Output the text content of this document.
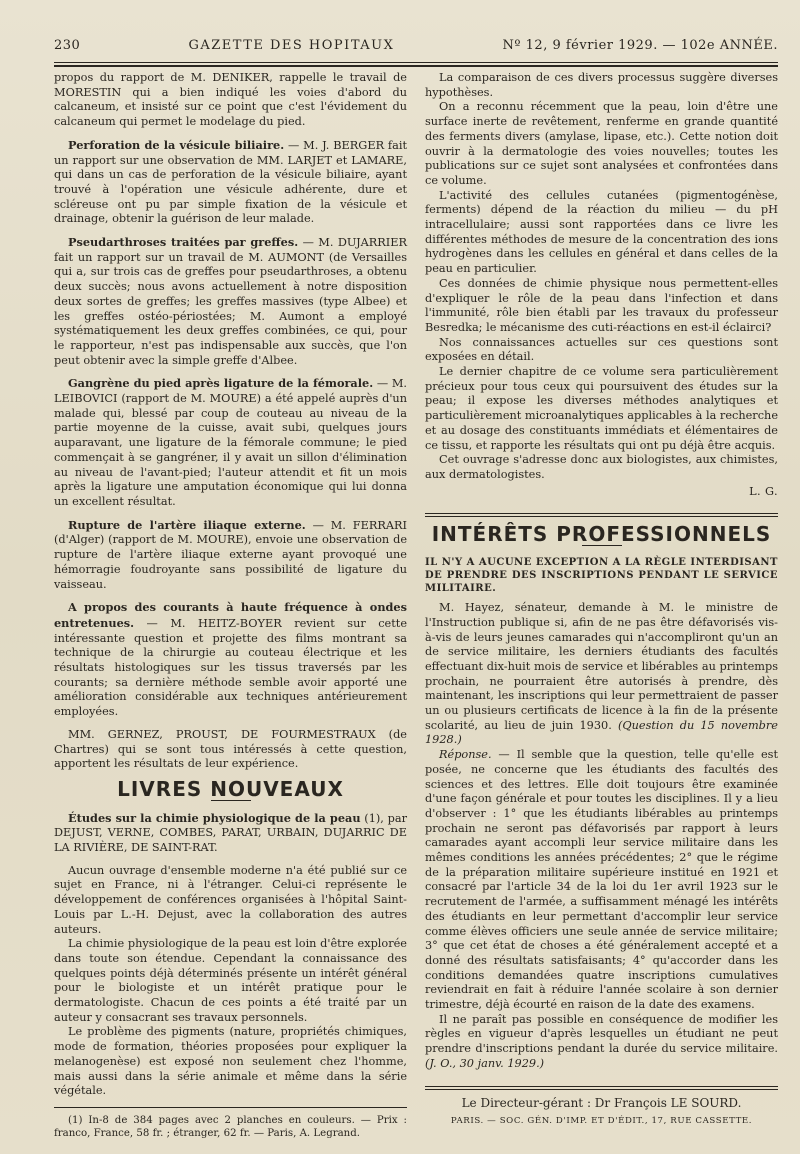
230	GAZETTE DES HOPITAUX	Nº 12, 9 février 1929. — 102e ANNÉE.

propos du rapport de M. DENIKER, rappelle le travail de MORESTIN qui a bien indiqué les voies d'abord du calcaneum, et insisté sur ce point que c'est l'évidement du calcaneum qui permet le modelage du pied.

Perforation de la vésicule biliaire. — M. J. BERGER fait un rapport sur une observation de MM. LARJET et LAMARE, qui dans un cas de perforation de la vésicule biliaire, ayant trouvé à l'opération une vésicule adhérente, dure et scléreuse ont pu par simple fixation de la vésicule et drainage, obtenir la guérison de leur malade.

Pseudarthroses traitées par greffes. — M. DUJARRIER fait un rapport sur un travail de M. AUMONT (de Versailles qui a, sur trois cas de greffes pour pseudarthroses, a obtenu deux succès; nous avons actuellement à notre disposition deux sortes de greffes; les greffes massives (type Albee) et les greffes ostéo-périostées; M. Aumont a employé systématiquement les deux greffes combinées, ce qui, pour le rapporteur, n'est pas indispensable aux succès, que l'on peut obtenir avec la simple greffe d'Albee.

Gangrène du pied après ligature de la fémorale. — M. LEIBOVICI (rapport de M. MOURE) a été appelé auprès d'un malade qui, blessé par coup de couteau au niveau de la partie moyenne de la cuisse, avait subi, quelques jours auparavant, une ligature de la fémorale commune; le pied commençait à se gangréner, il y avait un sillon d'élimination au niveau de l'avant-pied; l'auteur attendit et fit un mois après la ligature une amputation économique qui lui donna un excellent résultat.

Rupture de l'artère iliaque externe. — M. FERRARI (d'Alger) (rapport de M. MOURE), envoie une observation de rupture de l'artère iliaque externe ayant provoqué une hémorragie foudroyante sans possibilité de ligature du vaisseau.

A propos des courants à haute fréquence à ondes entretenues. — M. HEITZ-BOYER revient sur cette intéressante question et projette des films montrant sa technique de la chirurgie au couteau électrique et les résultats histologiques sur les tissus traversés par les courants; sa dernière méthode semble avoir apporté une amélioration considérable aux techniques antérieurement employées.

MM. GERNEZ, PROUST, DE FOURMESTRAUX (de Chartres) qui se sont tous intéressés à cette question, apportent les résultats de leur expérience.

LIVRES NOUVEAUX

Études sur la chimie physiologique de la peau (1), par DEJUST, VERNE, COMBES, PARAT, URBAIN, DUJARRIC DE LA RIVIÈRE, DE SAINT-RAT.

Aucun ouvrage d'ensemble moderne n'a été publié sur ce sujet en France, ni à l'étranger. Celui-ci représente le développement de conférences organisées à l'hôpital Saint-Louis par L.-H. Dejust, avec la collaboration des autres auteurs.

La chimie physiologique de la peau est loin d'être explorée dans toute son étendue. Cependant la connaissance des quelques points déjà déterminés présente un intérêt général pour le biologiste et un intérêt pratique pour le dermatologiste. Chacun de ces points a été traité par un auteur y consacrant ses travaux personnels.

Le problème des pigments (nature, propriétés chimiques, mode de formation, théories proposées pour expliquer la melanogenèse) est exposé non seulement chez l'homme, mais aussi dans la série animale et même dans la série végétale.

(1) In-8 de 384 pages avec 2 planches en couleurs. — Prix : franco, France, 58 fr. ; étranger, 62 fr. — Paris, A. Legrand.

La comparaison de ces divers processus suggère diverses hypothèses.

On a reconnu récemment que la peau, loin d'être une surface inerte de revêtement, renferme en grande quantité des ferments divers (amylase, lipase, etc.). Cette notion doit ouvrir à la dermatologie des voies nouvelles; toutes les publications sur ce sujet sont analysées et confrontées dans ce volume.

L'activité des cellules cutanées (pigmentogénèse, ferments) dépend de la réaction du milieu — du pH intracellulaire; aussi sont rapportées dans ce livre les différentes méthodes de mesure de la concentration des ions hydrogènes dans les cellules en général et dans celles de la peau en particulier.

Ces données de chimie physique nous permettent-elles d'expliquer le rôle de la peau dans l'infection et dans l'immunité, rôle bien établi par les travaux du professeur Besredka; le mécanisme des cuti-réactions en est-il éclairci?

Nos connaissances actuelles sur ces questions sont exposées en détail.

Le dernier chapitre de ce volume sera particulièrement précieux pour tous ceux qui poursuivent des études sur la peau; il expose les diverses méthodes analytiques et particulièrement microanalytiques applicables à la recherche et au dosage des constituants immédiats et élémentaires de ce tissu, et rapporte les résultats qui ont pu déjà être acquis.

Cet ouvrage s'adresse donc aux biologistes, aux chimistes, aux dermatologistes.

L. G.
INTÉRÊTS PROFESSIONNELS
IL N'Y A AUCUNE EXCEPTION A LA RÈGLE INTERDISANT DE PRENDRE DES INSCRIPTIONS PENDANT LE SERVICE MILITAIRE.

M. Hayez, sénateur, demande à M. le ministre de l'Instruction publique si, afin de ne pas être défavorisés vis-à-vis de leurs jeunes camarades qui n'accompliront qu'un an de service militaire, les derniers étudiants des facultés effectuant dix-huit mois de service et libérables au printemps prochain, ne pourraient être autorisés à prendre, dès maintenant, les inscriptions qui leur permettraient de passer un ou plusieurs certificats de licence à la fin de la présente scolarité, au lieu de juin 1930. (Question du 15 novembre 1928.)

Réponse. — Il semble que la question, telle qu'elle est posée, ne concerne que les étudiants des facultés des sciences et des lettres. Elle doit toujours être examinée d'une façon générale et pour toutes les disciplines. Il y a lieu d'observer : 1° que les étudiants libérables au printemps prochain ne seront pas défavorisés par rapport à leurs camarades ayant accompli leur service militaire dans les mêmes conditions les années précédentes; 2° que le régime de la préparation militaire supérieure institué en 1921 et consacré par l'article 34 de la loi du 1er avril 1923 sur le recrutement de l'armée, a suffisamment ménagé les intérêts des étudiants en leur permettant d'accomplir leur service comme élèves officiers une seule année de service militaire; 3° que cet état de choses a été généralement accepté et a donné des résultats satisfaisants; 4° qu'accorder dans les conditions demandées quatre inscriptions cumulatives reviendrait en fait à réduire l'année scolaire à son dernier trimestre, déjà écourté en raison de la date des examens.

Il ne paraît pas possible en conséquence de modifier les règles en vigueur d'après lesquelles un étudiant ne peut prendre d'inscriptions pendant la durée du service militaire. (J. O., 30 janv. 1929.)

Le Directeur-gérant : Dr François LE SOURD.
PARIS. — SOC. GÉN. D'IMP. ET D'ÉDIT., 17, RUE CASSETTE.
